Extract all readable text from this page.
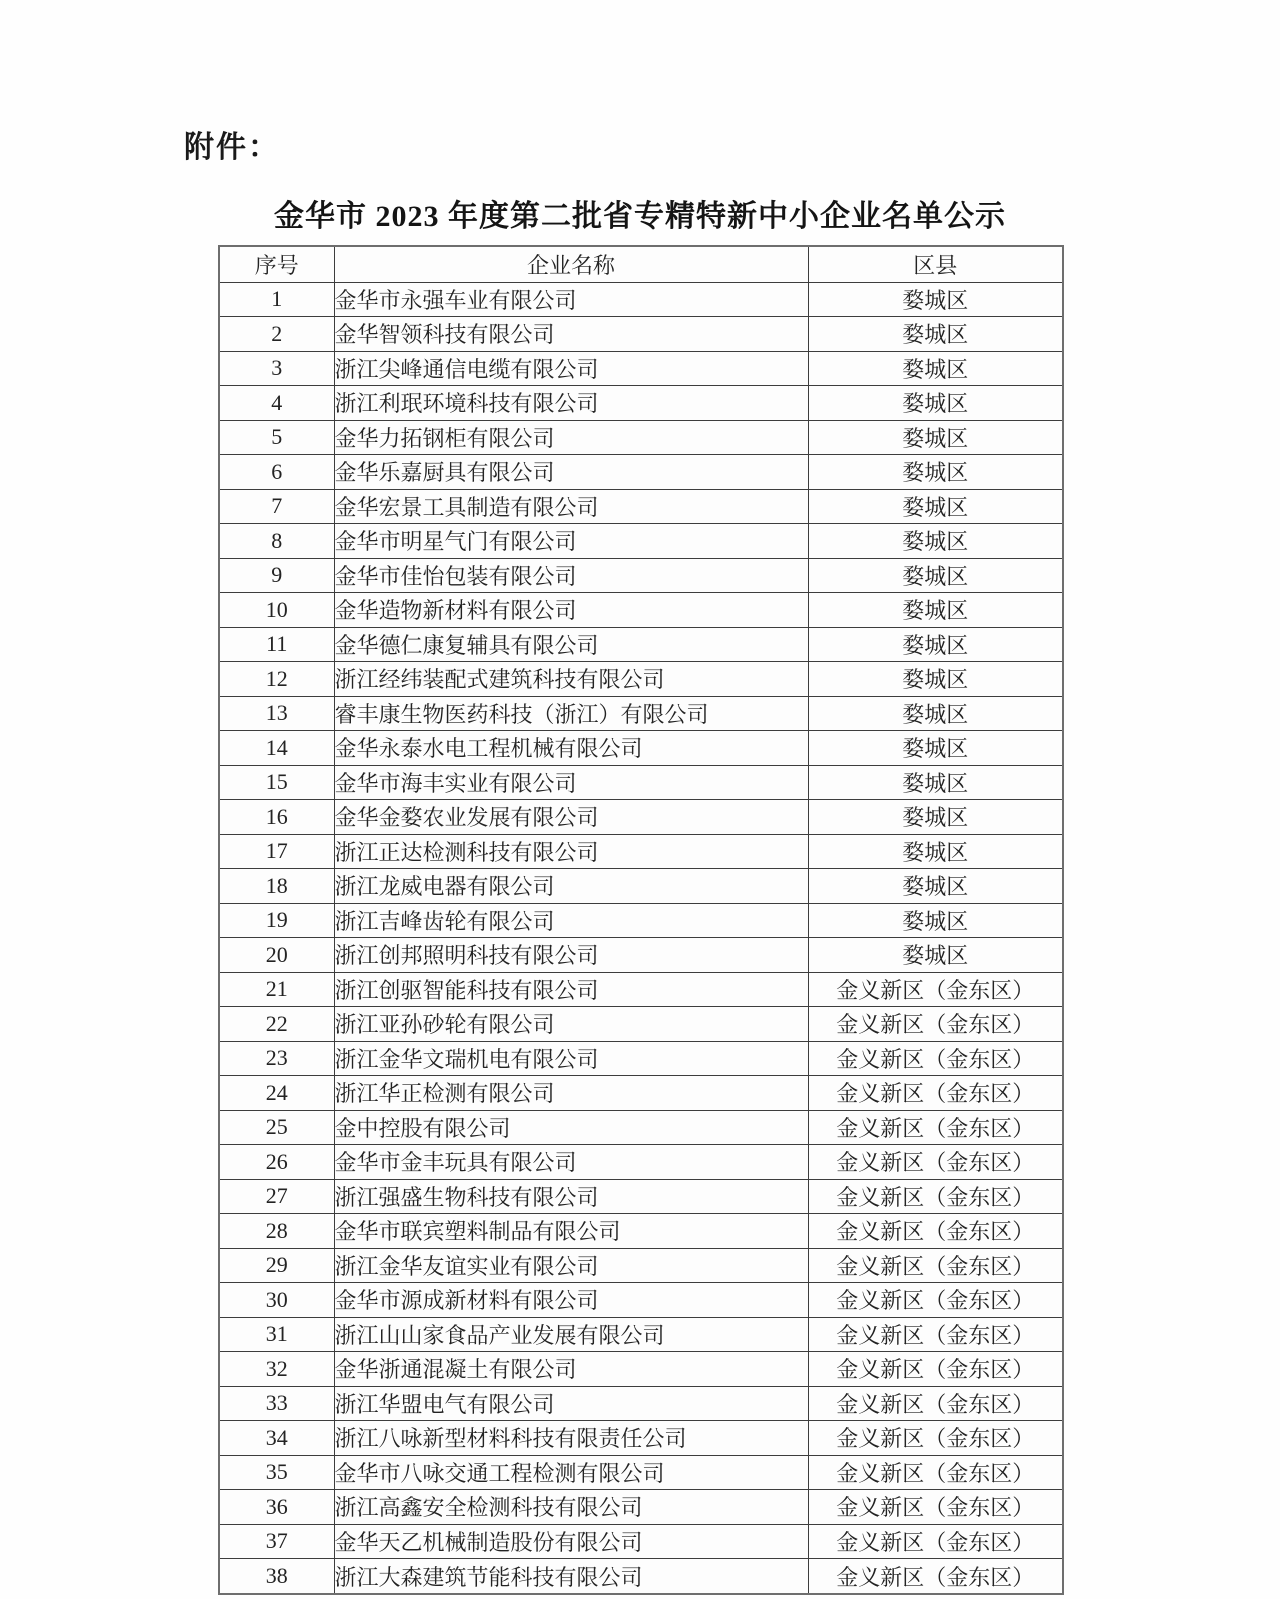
附件：
金华市 2023 年度第二批省专精特新中小企业名单公示
序号	企业名称	区县
1	金华市永强车业有限公司	婺城区
2	金华智领科技有限公司	婺城区
3	浙江尖峰通信电缆有限公司	婺城区
4	浙江利珉环境科技有限公司	婺城区
5	金华力拓钢柜有限公司	婺城区
6	金华乐嘉厨具有限公司	婺城区
7	金华宏景工具制造有限公司	婺城区
8	金华市明星气门有限公司	婺城区
9	金华市佳怡包装有限公司	婺城区
10	金华造物新材料有限公司	婺城区
11	金华德仁康复辅具有限公司	婺城区
12	浙江经纬装配式建筑科技有限公司	婺城区
13	睿丰康生物医药科技（浙江）有限公司	婺城区
14	金华永泰水电工程机械有限公司	婺城区
15	金华市海丰实业有限公司	婺城区
16	金华金婺农业发展有限公司	婺城区
17	浙江正达检测科技有限公司	婺城区
18	浙江龙威电器有限公司	婺城区
19	浙江吉峰齿轮有限公司	婺城区
20	浙江创邦照明科技有限公司	婺城区
21	浙江创驱智能科技有限公司	金义新区（金东区）
22	浙江亚孙砂轮有限公司	金义新区（金东区）
23	浙江金华文瑞机电有限公司	金义新区（金东区）
24	浙江华正检测有限公司	金义新区（金东区）
25	金中控股有限公司	金义新区（金东区）
26	金华市金丰玩具有限公司	金义新区（金东区）
27	浙江强盛生物科技有限公司	金义新区（金东区）
28	金华市联宾塑料制品有限公司	金义新区（金东区）
29	浙江金华友谊实业有限公司	金义新区（金东区）
30	金华市源成新材料有限公司	金义新区（金东区）
31	浙江山山家食品产业发展有限公司	金义新区（金东区）
32	金华浙通混凝土有限公司	金义新区（金东区）
33	浙江华盟电气有限公司	金义新区（金东区）
34	浙江八咏新型材料科技有限责任公司	金义新区（金东区）
35	金华市八咏交通工程检测有限公司	金义新区（金东区）
36	浙江高鑫安全检测科技有限公司	金义新区（金东区）
37	金华天乙机械制造股份有限公司	金义新区（金东区）
38	浙江大森建筑节能科技有限公司	金义新区（金东区）
